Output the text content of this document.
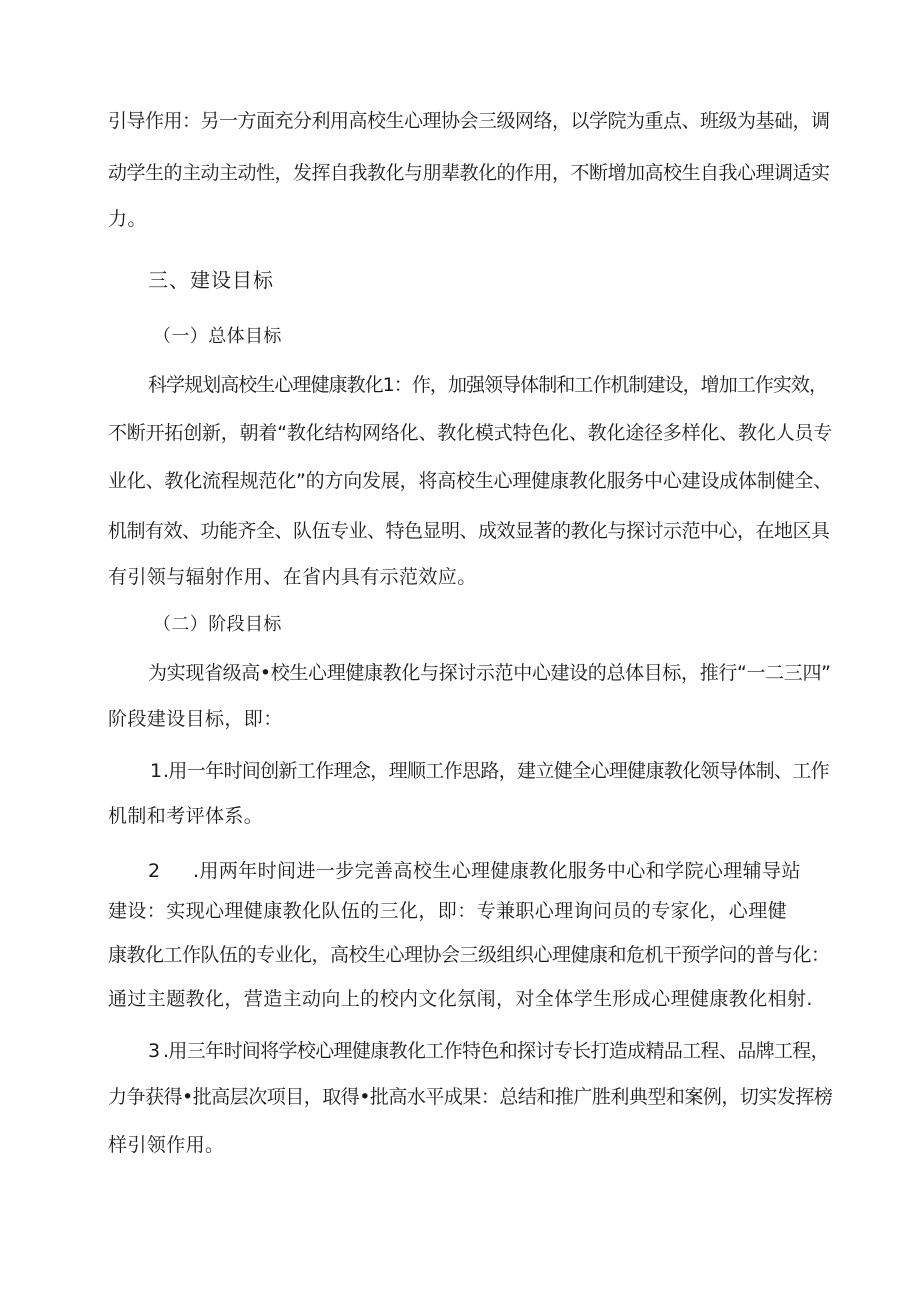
引导作用：另一方面充分利用高校生心理协会三级网络，以学院为重点、班级为基础，调
动学生的主动主动性，发挥自我教化与朋辈教化的作用，不断增加高校生自我心理调适实
力。
三、建设目标
（一）总体目标
科学规划高校生心理健康教化1：作，加强领导体制和工作机制建设，增加工作实效，
不断开拓创新，朝着“教化结构网络化、教化模式特色化、教化途径多样化、教化人员专
业化、教化流程规范化”的方向发展，将高校生心理健康教化服务中心建设成体制健全、
机制有效、功能齐全、队伍专业、特色显明、成效显著的教化与探讨示范中心，在地区具
有引领与辐射作用、在省内具有示范效应。
（二）阶段目标
为实现省级高•校生心理健康教化与探讨示范中心建设的总体目标，推行“一二三四”
阶段建设目标，即：
1 .用一年时间创新工作理念，理顺工作思路，建立健全心理健康教化领导体制、工作
机制和考评体系。
2 .用两年时间进一步完善高校生心理健康教化服务中心和学院心理辅导站
建设：实现心理健康教化队伍的三化，即：专兼职心理询问员的专家化，心理健
康教化工作队伍的专业化，高校生心理协会三级组织心理健康和危机干预学问的普与化：
通过主题教化，营造主动向上的校内文化氛闱，对全体学生形成心理健康教化相射.
3 .用三年时间将学校心理健康教化工作特色和探讨专长打造成精品工程、品牌工程，
力争获得•批高层次项目，取得•批高水平成果：总结和推广胜利典型和案例，切实发挥榜
样引领作用。
